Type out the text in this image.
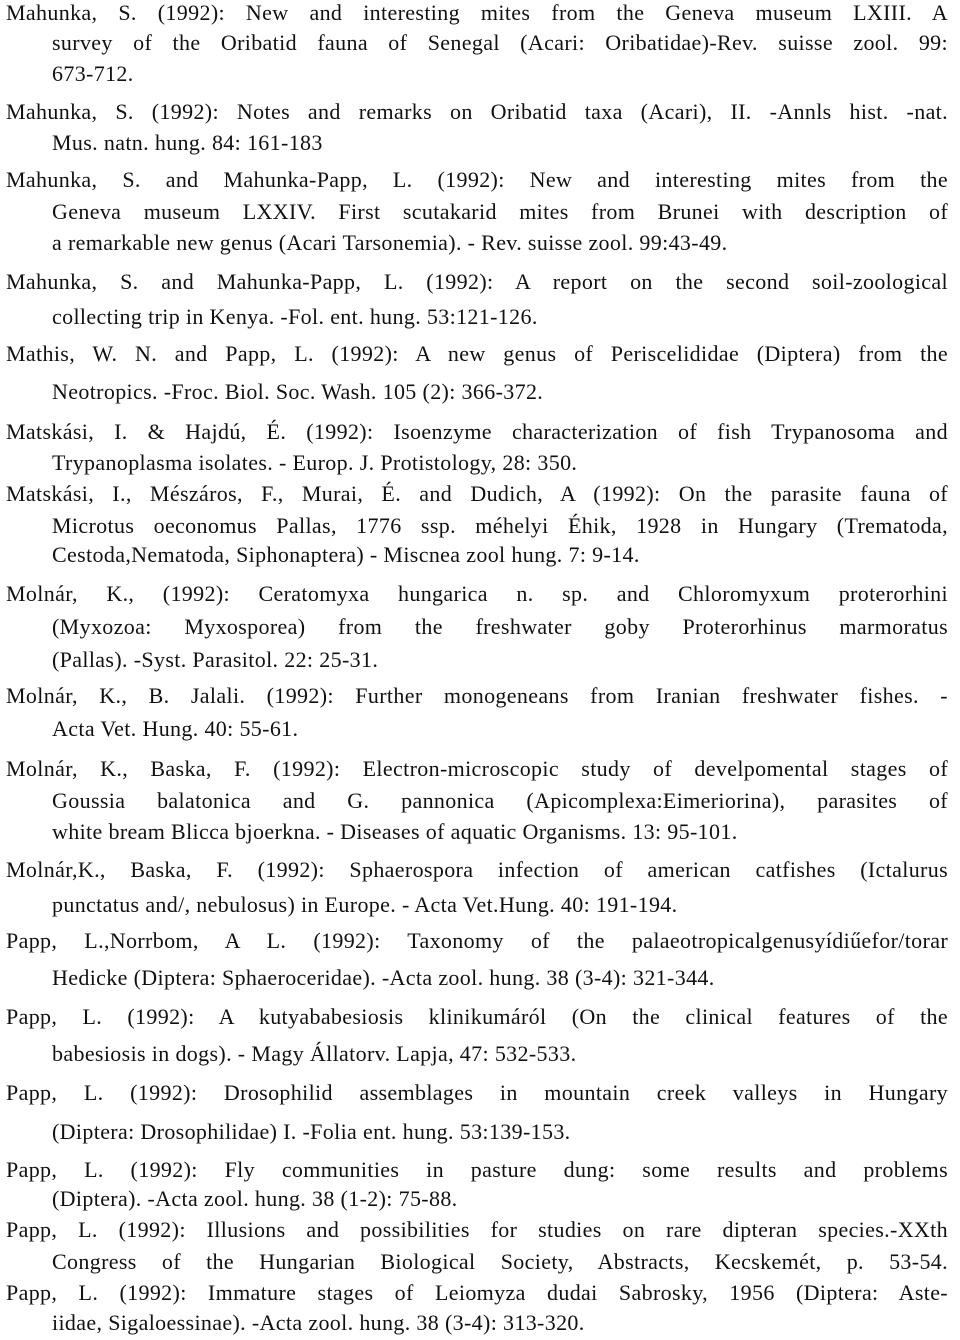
Mahunka, S. (1992): New and interesting mites from the Geneva museum LXIII. A
survey of the Oribatid fauna of Senegal (Acari: Oribatidae)-Rev. suisse zool. 99:
673-712.
Mahunka, S. (1992): Notes and remarks on Oribatid taxa (Acari), II. -Annls hist. -nat.
Mus. natn. hung. 84: 161-183
Mahunka, S. and Mahunka-Papp, L. (1992): New and interesting mites from the
Geneva museum LXXIV. First scutakarid mites from Brunei with description of
a remarkable new genus (Acari Tarsonemia). - Rev. suisse zool. 99:43-49.
Mahunka, S. and Mahunka-Papp, L. (1992): A report on the second soil-zoological
collecting trip in Kenya. -Fol. ent. hung. 53:121-126.
Mathis, W. N. and Papp, L. (1992): A new genus of Periscelididae (Diptera) from the
Neotropics. -Froc. Biol. Soc. Wash. 105 (2): 366-372.
Matskási, I. & Hajdú, É. (1992): Isoenzyme characterization of fish Trypanosoma and
Trypanoplasma isolates. - Europ. J. Protistology, 28: 350.
Matskási, I., Mészáros, F., Murai, É. and Dudich, A (1992): On the parasite fauna of
Microtus oeconomus Pallas, 1776 ssp. méhelyi Éhik, 1928 in Hungary (Trematoda,
Cestoda,Nematoda, Siphonaptera) - Miscnea zool hung. 7: 9-14.
Molnár, K., (1992): Ceratomyxa hungarica n. sp. and Chloromyxum proterorhini
(Myxozoa: Myxosporea) from the freshwater goby Proterorhinus marmoratus
(Pallas). -Syst. Parasitol. 22: 25-31.
Molnár, K., B. Jalali. (1992): Further monogeneans from Iranian freshwater fishes. -
Acta Vet. Hung. 40: 55-61.
Molnár, K., Baska, F. (1992): Electron-microscopic study of develpomental stages of
Goussia balatonica and G. pannonica (Apicomplexa:Eimeriorina), parasites of
white bream Blicca bjoerkna. - Diseases of aquatic Organisms. 13: 95-101.
Molnár,K., Baska, F. (1992): Sphaerospora infection of american catfishes (Ictalurus
punctatus and/, nebulosus) in Europe. - Acta Vet.Hung. 40: 191-194.
Papp, L.,Norrbom, A L. (1992): Taxonomy of the palaeotropicalgenusyídiűefor/torar
Hedicke (Diptera: Sphaeroceridae). -Acta zool. hung. 38 (3-4): 321-344.
Papp, L. (1992): A kutyababesiosis klinikumáról (On the clinical features of the
babesiosis in dogs). - Magy Állatorv. Lapja, 47: 532-533.
Papp, L. (1992): Drosophilid assemblages in mountain creek valleys in Hungary
(Diptera: Drosophilidae) I. -Folia ent. hung. 53:139-153.
Papp, L. (1992): Fly communities in pasture dung: some results and problems
(Diptera). -Acta zool. hung. 38 (1-2): 75-88.
Papp, L. (1992): Illusions and possibilities for studies on rare dipteran species.-XXth
Congress of the Hungarian Biological Society, Abstracts, Kecskemét, p. 53-54.
Papp, L. (1992): Immature stages of Leiomyza dudai Sabrosky, 1956 (Diptera: Aste-
iidae, Sigaloessinae). -Acta zool. hung. 38 (3-4): 313-320.
